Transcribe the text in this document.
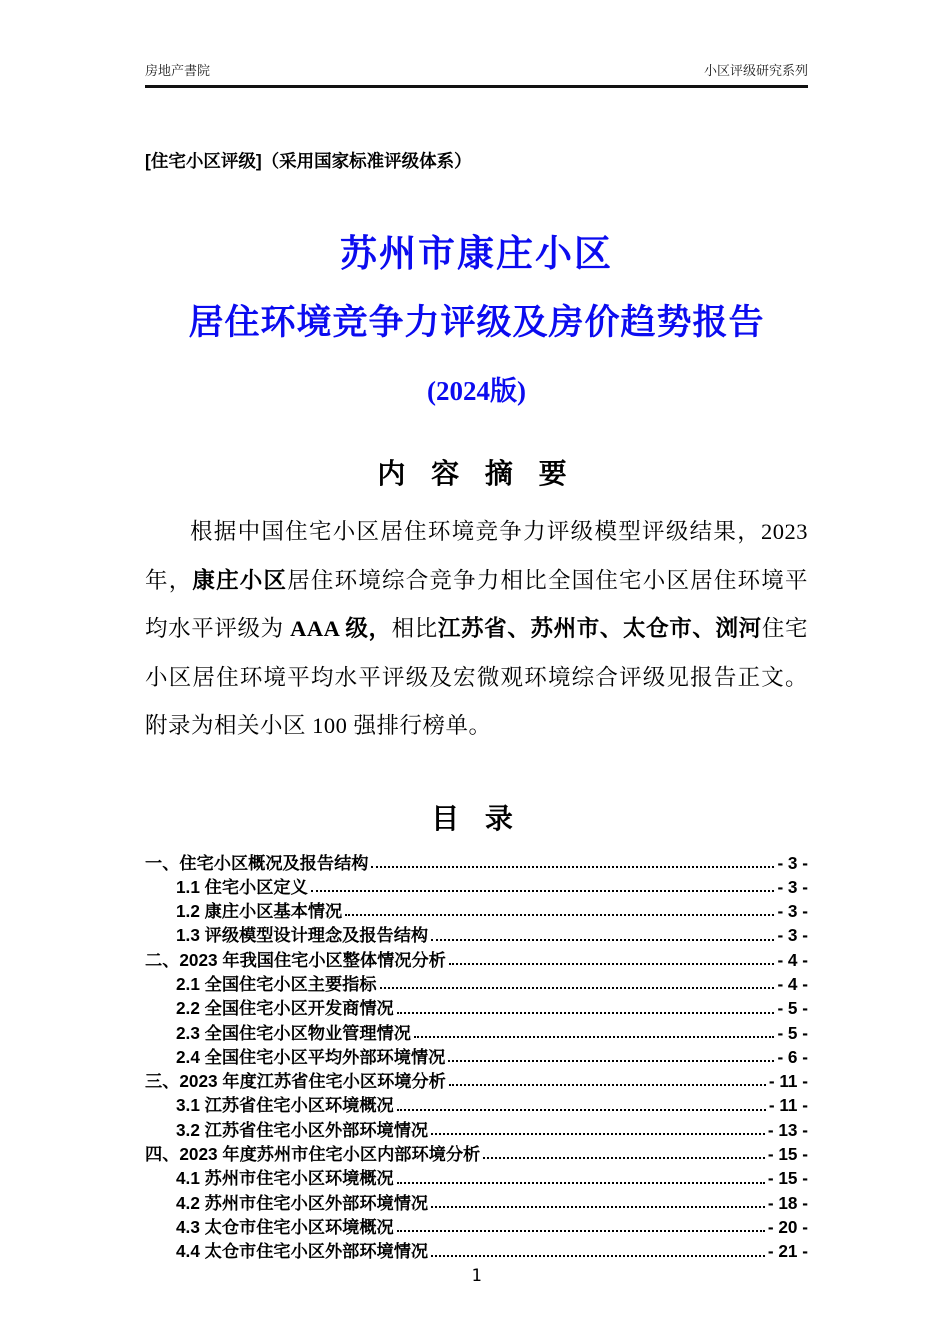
房地产書院	小区评级研究系列
[住宅小区评级]（采用国家标准评级体系）
苏州市康庄小区
居住环境竞争力评级及房价趋势报告
(2024版)
内 容 摘 要

根据中国住宅小区居住环境竞争力评级模型评级结果，2023 年，康庄小区居住环境综合竞争力相比全国住宅小区居住环境平均水平评级为 AAA 级，相比江苏省、苏州市、太仓市、浏河住宅小区居住环境平均水平评级及宏微观环境综合评级见报告正文。附录为相关小区 100 强排行榜单。

目 录
一、住宅小区概况及报告结构	- 3 -
1.1 住宅小区定义	- 3 -
1.2 康庄小区基本情况	- 3 -
1.3 评级模型设计理念及报告结构	- 3 -
二、2023 年我国住宅小区整体情况分析	- 4 -
2.1 全国住宅小区主要指标	- 4 -
2.2 全国住宅小区开发商情况	- 5 -
2.3 全国住宅小区物业管理情况	- 5 -
2.4 全国住宅小区平均外部环境情况	- 6 -
三、2023 年度江苏省住宅小区环境分析	- 11 -
3.1 江苏省住宅小区环境概况	- 11 -
3.2 江苏省住宅小区外部环境情况	- 13 -
四、2023 年度苏州市住宅小区内部环境分析	- 15 -
4.1 苏州市住宅小区环境概况	- 15 -
4.2 苏州市住宅小区外部环境情况	- 18 -
4.3 太仓市住宅小区环境概况	- 20 -
4.4 太仓市住宅小区外部环境情况	- 21 -
1
